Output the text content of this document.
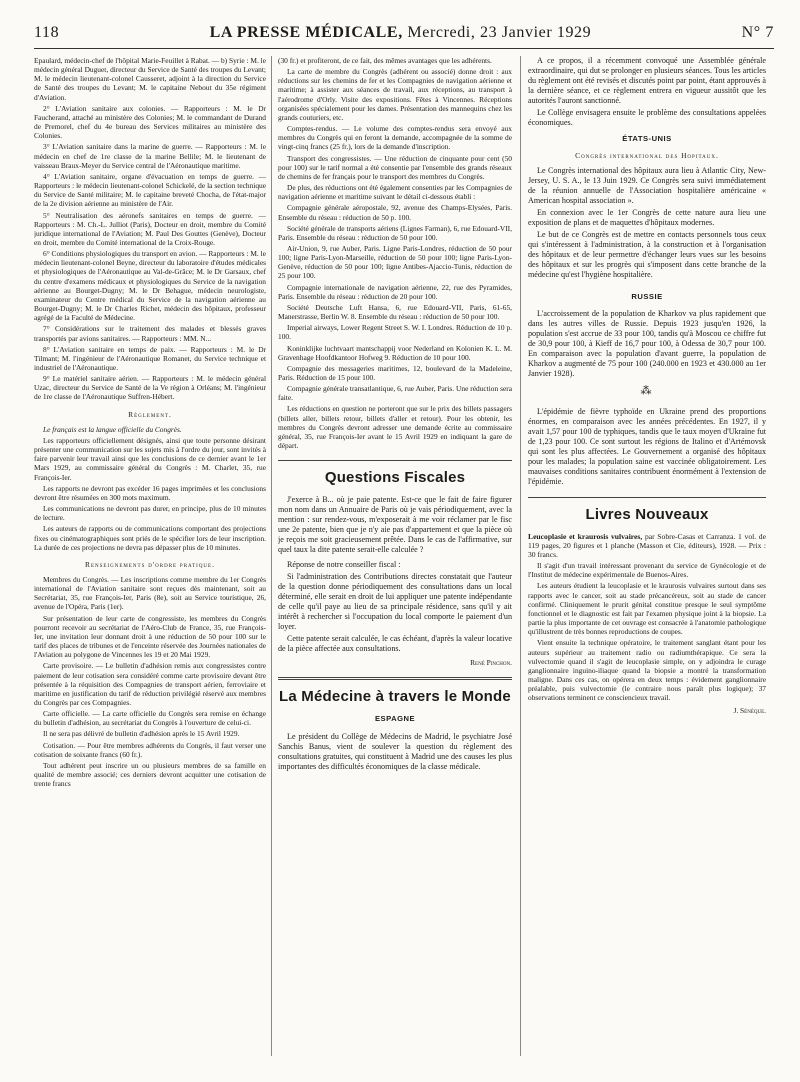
118	LA PRESSE MÉDICALE, Mercredi, 23 Janvier 1929	N° 7

Epaulard, médecin-chef de l'hôpital Marie-Feuillet à Rabat. — b) Syrie : M. le médecin général Duguet, directeur du Service de Santé des troupes du Levant; M. le médecin lieutenant-colonel Causseret, adjoint à la direction du Service de Santé des troupes du Levant; M. le capitaine Nebout du 35e régiment d'Aviation.

2° L'Aviation sanitaire aux colonies. — Rapporteurs : M. le Dr Faucherand, attaché au ministère des Colonies; M. le commandant de Durand de Premorel, chef du 4e bureau des Services militaires au ministère des Colonies.

3° L'Aviation sanitaire dans la marine de guerre. — Rapporteurs : M. le médecin en chef de 1re classe de la marine Bellile; M. le lieutenant de vaisseau Braux-Meyer du Service central de l'Aéronautique maritime.

4° L'Aviation sanitaire, organe d'évacuation en temps de guerre. — Rapporteurs : le médecin lieutenant-colonel Schickelé, de la section technique du Service de Santé militaire; M. le capitaine breveté Chocha, de l'état-major de la 2e division aérienne au ministère de l'Air.

5° Neutralisation des aéronefs sanitaires en temps de guerre. — Rapporteurs : M. Ch.-L. Julliot (Paris), Docteur en droit, membre du Comité juridique international de l'Aviation; M. Paul Des Gouttes (Genève), Docteur en droit, membre du Comité international de la Croix-Rouge.

6° Conditions physiologiques du transport en avion. — Rapporteurs : M. le médecin lieutenant-colonel Beyne, directeur du laboratoire d'études médicales et physiologiques de l'Aéronautique au Val-de-Grâce; M. le Dr Garsaux, chef du centre d'examens médicaux et physiologiques du Service de la navigation aérienne au Bourget-Dugny; M. le Dr Behague, médecin neurologiste, examinateur du Centre médical du Service de la navigation aérienne au Bourget-Dugny; M. le Dr Charles Richet, médecin des hôpitaux, professeur agrégé de la Faculté de Médecine.

7° Considérations sur le traitement des malades et blessés graves transportés par avions sanitaires. — Rapporteurs : MM. N...

8° L'Aviation sanitaire en temps de paix. — Rapporteurs : M. le Dr Tilmant; M. l'ingénieur de l'Aéronautique Romanet, du Service technique et industriel de l'Aéronautique.

9° Le matériel sanitaire aérien. — Rapporteurs : M. le médecin général Uzac, directeur du Service de Santé de la Ve région à Orléans; M. l'ingénieur de 1re classe de l'Aéronautique Suffren-Hébert.

Règlement.

Le français est la langue officielle du Congrès.

Les rapporteurs officiellement désignés, ainsi que toute personne désirant présenter une communication sur les sujets mis à l'ordre du jour, sont invités à faire parvenir leur travail ainsi que les conclusions de ce dernier avant le 1er Mars 1929, au commissaire général du Congrès : M. Charlet, 35, rue François-Ier.

Les rapports ne devront pas excéder 16 pages imprimées et les conclusions devront être résumées en 300 mots maximum.

Les communications ne devront pas durer, en principe, plus de 10 minutes de lecture.

Les auteurs de rapports ou de communications comportant des projections fixes ou cinématographiques sont priés de le spécifier lors de leur inscription. La durée de ces projections ne devra pas dépasser plus de 10 minutes.

Renseignements d'ordre pratique.

Membres du Congrès. — Les inscriptions comme membre du 1er Congrès international de l'Aviation sanitaire sont reçues dès maintenant, soit au Secrétariat, 35, rue François-Ier, Paris (8e), soit au Service touristique, 26, avenue de l'Opéra, Paris (1er).

Sur présentation de leur carte de congressiste, les membres du Congrès pourront recevoir au secrétariat de l'Aéro-Club de France, 35, rue François-Ier, une invitation leur donnant droit à une réduction de 50 pour 100 sur le tarif des places de tribunes et de l'enceinte réservée des Journées nationales de l'Aviation au polygone de Vincennes les 19 et 20 Mai 1929.

Carte provisoire. — Le bulletin d'adhésion remis aux congressistes contre paiement de leur cotisation sera considéré comme carte provisoire devant être présentée à la réquisition des Compagnies de transport aérien, ferroviaire et maritime en justification du tarif de réduction privilégié réservé aux membres du Congrès par ces Compagnies.

Carte officielle. — La carte officielle du Congrès sera remise en échange du bulletin d'adhésion, au secrétariat du Congrès à l'ouverture de celui-ci.

Il ne sera pas délivré de bulletin d'adhésion après le 15 Avril 1929.

Cotisation. — Pour être membres adhérents du Congrès, il faut verser une cotisation de soixante francs (60 fr.).

Tout adhérent peut inscrire un ou plusieurs membres de sa famille en qualité de membre associé; ces derniers devront acquitter une cotisation de trente francs

(30 fr.) et profiteront, de ce fait, des mêmes avantages que les adhérents.

La carte de membre du Congrès (adhérent ou associé) donne droit : aux réductions sur les chemins de fer et les Compagnies de navigation aérienne et maritime; à assister aux séances de travail, aux réceptions, au transport à l'aérodrome d'Orly. Visite des expositions. Fêtes à Vincennes. Réceptions organisées spécialement pour les dames. Présentation des mannequins chez les grands couturiers, etc.

Comptes-rendus. — Le volume des comptes-rendus sera envoyé aux membres du Congrès qui en feront la demande, accompagnée de la somme de vingt-cinq francs (25 fr.), lors de la demande d'inscription.

Transport des congressistes. — Une réduction de cinquante pour cent (50 pour 100) sur le tarif normal a été consentie par l'ensemble des grands réseaux de chemins de fer français pour le transport des membres du Congrès.

De plus, des réductions ont été également consenties par les Compagnies de navigation aérienne et maritime suivant le détail ci-dessous établi :

Compagnie générale aéropostale, 92, avenue des Champs-Elysées, Paris. Ensemble du réseau : réduction de 50 p. 100.

Société générale de transports aériens (Lignes Farman), 6, rue Edouard-VII, Paris. Ensemble du réseau : réduction de 50 pour 100.

Air-Union, 9, rue Auber, Paris. Ligne Paris-Londres, réduction de 50 pour 100; ligne Paris-Lyon-Marseille, réduction de 50 pour 100; ligne Paris-Lyon-Genève, réduction de 50 pour 100; ligne Antibes-Ajaccio-Tunis, réduction de 25 pour 100.

Compagnie internationale de navigation aérienne, 22, rue des Pyramides, Paris. Ensemble du réseau : réduction de 20 pour 100.

Société Deutsche Luft Hansa, 6, rue Edouard-VII, Paris, 61-65, Manerstrasse, Berlin W. 8. Ensemble du réseau : réduction de 50 pour 100.

Imperial airways, Lower Regent Street S. W. I. Londres. Réduction de 10 p. 100.

Koninklijke luchtvaart mantschappij voor Nederland en Kolonien K. L. M. Gravenhage Hoofdkantoor Hofweg 9. Réduction de 10 pour 100.

Compagnie des messageries maritimes, 12, boulevard de la Madeleine, Paris. Réduction de 15 pour 100.

Compagnie générale transatlantique, 6, rue Auber, Paris. Une réduction sera faite.

Les réductions en question ne porteront que sur le prix des billets passagers (billets aller, billets retour, billets d'aller et retour). Pour les obtenir, les membres du Congrès devront adresser une demande écrite au commissaire général, 35, rue François-Ier avant le 15 Avril 1929 en indiquant la gare de départ.

Questions Fiscales

J'exerce à B... où je paie patente. Est-ce que le fait de faire figurer mon nom dans un Annuaire de Paris où je vais périodiquement, avec la mention : sur rendez-vous, m'exposerait à me voir réclamer par le fisc une 2e patente, bien que je n'y aie pas d'appartement et que la pièce où je reçois me soit gracieusement prêtée. Dans le cas de l'affirmative, sur quel taux la dite patente serait-elle calculée ?

Réponse de notre conseiller fiscal :

Si l'administration des Contributions directes constatait que l'auteur de la question donne périodiquement des consultations dans un local déterminé, elle serait en droit de lui appliquer une patente indépendante de celle qu'il paye au lieu de sa principale résidence, sans qu'il y ait intérêt à rechercher si l'occupation du local comporte le paiement d'un loyer.

Cette patente serait calculée, le cas échéant, d'après la valeur locative de la pièce affectée aux consultations.

René Pinchon.
La Médecine à travers le Monde
ESPAGNE

Le président du Collège de Médecins de Madrid, le psychiatre José Sanchis Banus, vient de soulever la question du règlement des consultations gratuites, qui constituent à Madrid une des causes les plus importantes des difficultés économiques de la classe médicale.

A ce propos, il a récemment convoqué une Assemblée générale extraordinaire, qui dut se prolonger en plusieurs séances. Tous les articles du règlement ont été revisés et discutés point par point, étant approuvés à la dernière séance, et ce règlement entrera en vigueur aussitôt que les autorités l'auront sanctionné.

Le Collège envisagera ensuite le problème des consultations appelées économiques.

ÉTATS-UNIS
Congrès international des Hopitaux.

Le Congrès international des hôpitaux aura lieu à Atlantic City, New-Jersey, U. S. A., le 13 Juin 1929. Ce Congrès sera suivi immédiatement de la réunion annuelle de l'Association hospitalière américaine « American hospital association ».

En connexion avec le 1er Congrès de cette nature aura lieu une exposition de plans et de maquettes d'hôpitaux modernes.

Le but de ce Congrès est de mettre en contacts personnels tous ceux qui s'intéressent à l'administration, à la construction et à l'organisation des hôpitaux et de leur permettre d'échanger leurs vues sur les besoins des hôpitaux et sur les progrès qui s'imposent dans cette branche de la médecine qu'est l'hygiène hospitalière.

RUSSIE

L'accroissement de la population de Kharkov va plus rapidement que dans les autres villes de Russie. Depuis 1923 jusqu'en 1926, la population s'est accrue de 33 pour 100, tandis qu'à Moscou ce chiffre fut de 30,9 pour 100, à Kieff de 16,7 pour 100, à Odessa de 30,7 pour 100. En comparaison avec la population d'avant guerre, la population de Kharkov a augmenté de 75 pour 100 (240.000 en 1923 et 430.000 au 1er Janvier 1928).

⁂

L'épidémie de fièvre typhoïde en Ukraine prend des proportions énormes, en comparaison avec les années précédentes. En 1927, il y avait 1,57 pour 100 de typhiques, tandis que le taux moyen d'Ukraine fut de 1,23 pour 100. Ce sont surtout les régions de Italino et d'Artémovsk qui sont les plus affectées. Le Gouvernement a organisé des hôpitaux pour les malades; la population saine est vaccinée obligatoirement. Les mauvaises conditions sanitaires contribuent énormément à l'extension de l'épidémie.

Livres Nouveaux

Leucoplasie et kraurosis vulvaires, par Sobre-Casas et Carranza. 1 vol. de 119 pages, 20 figures et 1 planche (Masson et Cie, éditeurs), 1928. — Prix : 30 francs.

Il s'agit d'un travail intéressant provenant du service de Gynécologie et de l'Institut de médecine expérimentale de Buenos-Aires.

Les auteurs étudient la leucoplasie et le kraurosis vulvaires surtout dans ses rapports avec le cancer, soit au stade précancéreux, soit au stade de cancer confirmé. Cliniquement le prurit génital constitue presque le seul symptôme fonctionnel et le diagnostic est fait par l'examen physique joint à la biopsie. La partie la plus importante de cet ouvrage est consacrée à l'anatomie pathologique qu'illustrent de très bonnes reproductions de coupes.

Vient ensuite la technique opératoire, le traitement sanglant étant pour les auteurs supérieur au traitement radio ou radiumthérapique. Ce sera la vulvectomie quand il s'agit de leucoplasie simple, on y adjoindra le curage ganglionnaire inguino-iliaque quand la biopsie a montré la transformation maligne. Dans ces cas, on opérera en deux temps : évidement ganglionnaire préalable, puis vulvectomie (le contraire nous paraît plus logique); 37 observations terminent ce consciencieux travail.

J. Sénèque.
